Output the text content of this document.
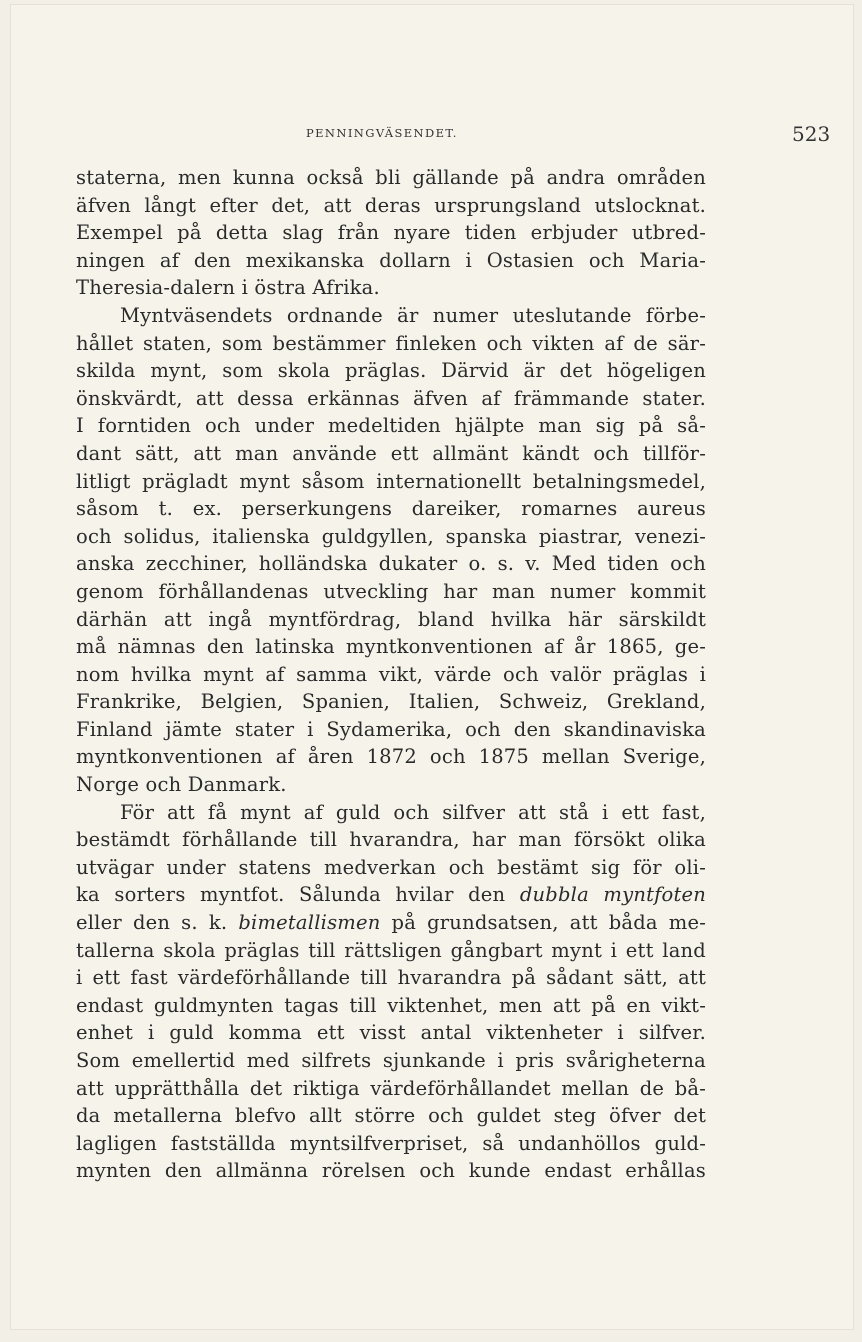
PENNINGVÄSENDET.	523
staterna, men kunna också bli gällande på andra områden
äfven långt efter det, att deras ursprungsland utslocknat.
Exempel på detta slag från nyare tiden erbjuder utbred-
ningen af den mexikanska dollarn i Ostasien och Maria-
Theresia-dalern i östra Afrika.
Myntväsendets ordnande är numer uteslutande förbe-
hållet staten, som bestämmer finleken och vikten af de sär-
skilda mynt, som skola präglas. Därvid är det högeligen
önskvärdt, att dessa erkännas äfven af främmande stater.
I forntiden och under medeltiden hjälpte man sig på så-
dant sätt, att man använde ett allmänt kändt och tillför-
litligt prägladt mynt såsom internationellt betalningsmedel,
såsom t. ex. perserkungens dareiker, romarnes aureus
och solidus, italienska guldgyllen, spanska piastrar, venezi-
anska zecchiner, holländska dukater o. s. v. Med tiden och
genom förhållandenas utveckling har man numer kommit
därhän att ingå myntfördrag, bland hvilka här särskildt
må nämnas den latinska myntkonventionen af år 1865, ge-
nom hvilka mynt af samma vikt, värde och valör präglas i
Frankrike, Belgien, Spanien, Italien, Schweiz, Grekland,
Finland jämte stater i Sydamerika, och den skandinaviska
myntkonventionen af åren 1872 och 1875 mellan Sverige,
Norge och Danmark.
För att få mynt af guld och silfver att stå i ett fast,
bestämdt förhållande till hvarandra, har man försökt olika
utvägar under statens medverkan och bestämt sig för oli-
ka sorters myntfot. Sålunda hvilar den dubbla myntfoten
eller den s. k. bimetallismen på grundsatsen, att båda me-
tallerna skola präglas till rättsligen gångbart mynt i ett land
i ett fast värdeförhållande till hvarandra på sådant sätt, att
endast guldmynten tagas till viktenhet, men att på en vikt-
enhet i guld komma ett visst antal viktenheter i silfver.
Som emellertid med silfrets sjunkande i pris svårigheterna
att upprätthålla det riktiga värdeförhållandet mellan de bå-
da metallerna blefvo allt större och guldet steg öfver det
lagligen fastställda myntsilfverpriset, så undanhöllos guld-
mynten den allmänna rörelsen och kunde endast erhållas
